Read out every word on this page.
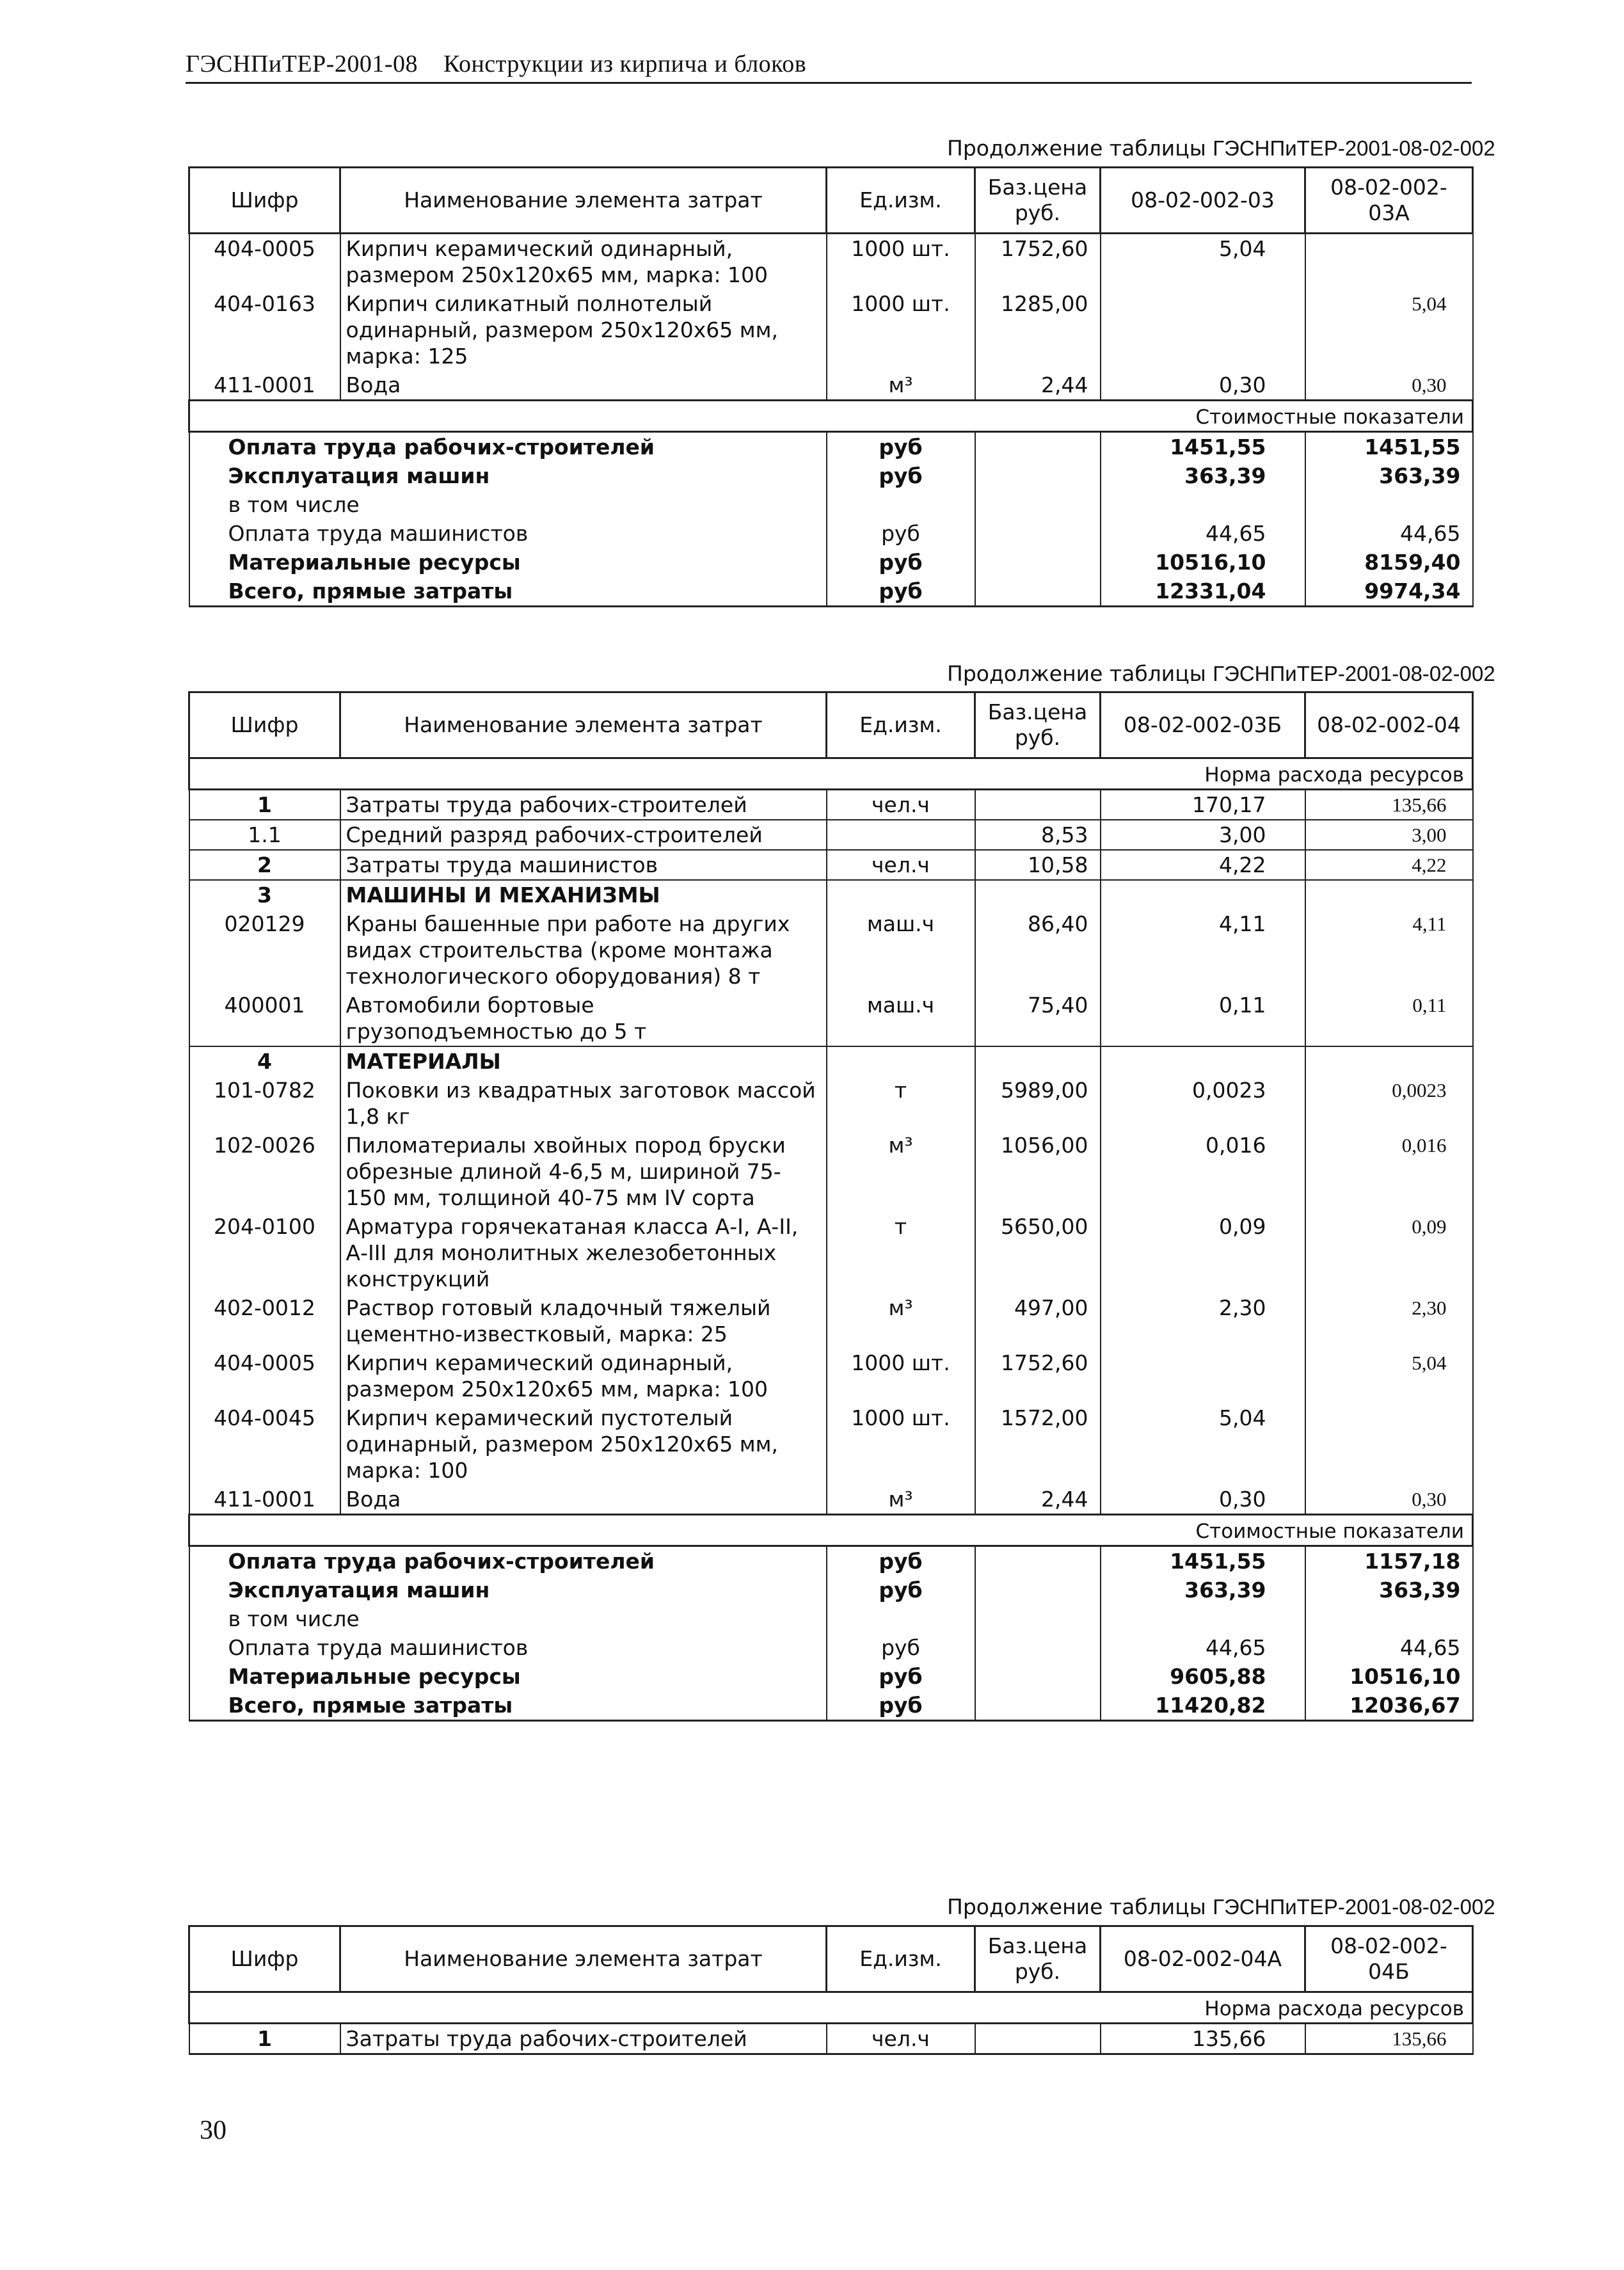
ГЭСНПиТЕР-2001-08 Конструкции из кирпича и блоков
Продолжение таблицы ГЭСНПиТЕР-2001-08-02-002
Шифр	Наименование элемента затрат	Ед.изм.	Баз.цена руб.	08-02-002-03	08-02-002-03А
404-0005	Кирпич керамический одинарный, размером 250x120x65 мм, марка: 100	1000 шт.	1752,60	5,04	
404-0163	Кирпич силикатный полнотелый одинарный, размером 250x120x65 мм, марка: 125	1000 шт.	1285,00		5,04
411-0001	Вода	м³	2,44	0,30	0,30
Стоимостные показатели					
Оплата труда рабочих-строителей		руб		1451,55	1451,55
Эксплуатация машин		руб		363,39	363,39
в том числе					
Оплата труда машинистов		руб		44,65	44,65
Материальные ресурсы		руб		10516,10	8159,40
Всего, прямые затраты		руб		12331,04	9974,34
Продолжение таблицы ГЭСНПиТЕР-2001-08-02-002
Шифр	Наименование элемента затрат	Ед.изм.	Баз.цена руб.	08-02-002-03Б	08-02-002-04
Норма расхода ресурсов					
1	Затраты труда рабочих-строителей	чел.ч		170,17	135,66
1.1	Средний разряд рабочих-строителей		8,53	3,00	3,00
2	Затраты труда машинистов	чел.ч	10,58	4,22	4,22
3	МАШИНЫ И МЕХАНИЗМЫ				
020129	Краны башенные при работе на других видах строительства (кроме монтажа технологического оборудования) 8 т	маш.ч	86,40	4,11	4,11
400001	Автомобили бортовые грузоподъемностью до 5 т	маш.ч	75,40	0,11	0,11
4	МАТЕРИАЛЫ				
101-0782	Поковки из квадратных заготовок массой 1,8 кг	т	5989,00	0,0023	0,0023
102-0026	Пиломатериалы хвойных пород бруски обрезные длиной 4-6,5 м, шириной 75-150 мм, толщиной 40-75 мм IV сорта	м³	1056,00	0,016	0,016
204-0100	Арматура горячекатаная класса А-I, А-II, А-III для монолитных железобетонных конструкций	т	5650,00	0,09	0,09
402-0012	Раствор готовый кладочный тяжелый цементно-известковый, марка: 25	м³	497,00	2,30	2,30
404-0005	Кирпич керамический одинарный, размером 250x120x65 мм, марка: 100	1000 шт.	1752,60		5,04
404-0045	Кирпич керамический пустотелый одинарный, размером 250x120x65 мм, марка: 100	1000 шт.	1572,00	5,04	
411-0001	Вода	м³	2,44	0,30	0,30
Стоимостные показатели					
Оплата труда рабочих-строителей		руб		1451,55	1157,18
Эксплуатация машин		руб		363,39	363,39
в том числе					
Оплата труда машинистов		руб		44,65	44,65
Материальные ресурсы		руб		9605,88	10516,10
Всего, прямые затраты		руб		11420,82	12036,67
Продолжение таблицы ГЭСНПиТЕР-2001-08-02-002
Шифр	Наименование элемента затрат	Ед.изм.	Баз.цена руб.	08-02-002-04А	08-02-002-04Б
Норма расхода ресурсов					
1	Затраты труда рабочих-строителей	чел.ч		135,66	135,66
30
